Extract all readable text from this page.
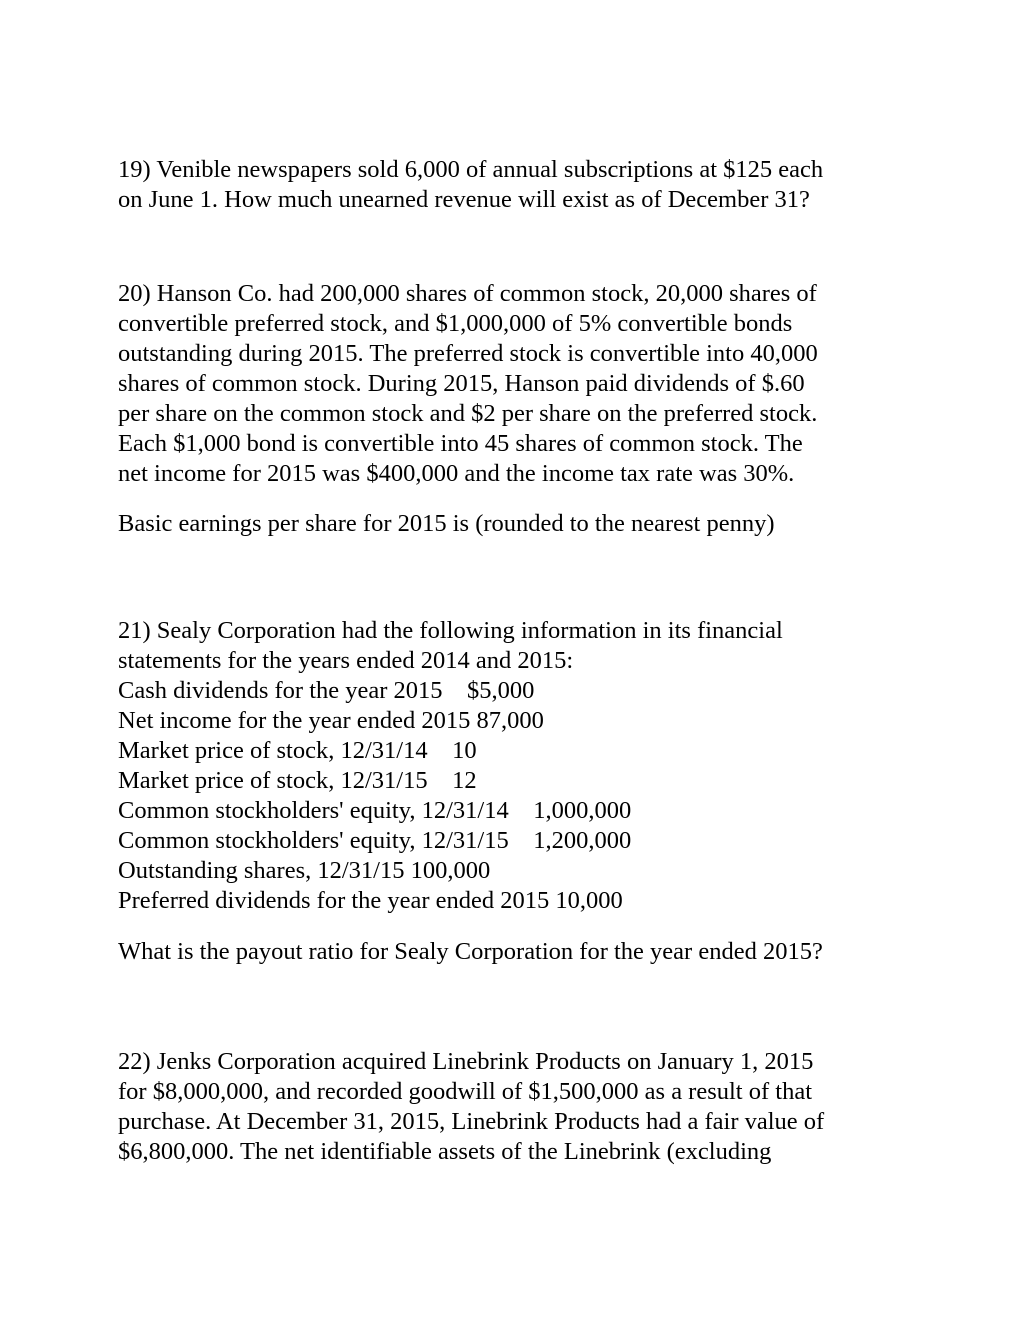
19) Venible newspapers sold 6,000 of annual subscriptions at $125 each
on June 1. How much unearned revenue will exist as of December 31?
20) Hanson Co. had 200,000 shares of common stock, 20,000 shares of
convertible preferred stock, and $1,000,000 of 5% convertible bonds
outstanding during 2015. The preferred stock is convertible into 40,000
shares of common stock. During 2015, Hanson paid dividends of $.60
per share on the common stock and $2 per share on the preferred stock.
Each $1,000 bond is convertible into 45 shares of common stock. The
net income for 2015 was $400,000 and the income tax rate was 30%.
Basic earnings per share for 2015 is (rounded to the nearest penny)
21) Sealy Corporation had the following information in its financial
statements for the years ended 2014 and 2015:
Cash dividends for the year 2015    $5,000
Net income for the year ended 2015 87,000
Market price of stock, 12/31/14    10
Market price of stock, 12/31/15    12
Common stockholders' equity, 12/31/14    1,000,000
Common stockholders' equity, 12/31/15    1,200,000
Outstanding shares, 12/31/15 100,000
Preferred dividends for the year ended 2015 10,000
What is the payout ratio for Sealy Corporation for the year ended 2015?
22) Jenks Corporation acquired Linebrink Products on January 1, 2015
for $8,000,000, and recorded goodwill of $1,500,000 as a result of that
purchase. At December 31, 2015, Linebrink Products had a fair value of
$6,800,000. The net identifiable assets of the Linebrink (excluding
